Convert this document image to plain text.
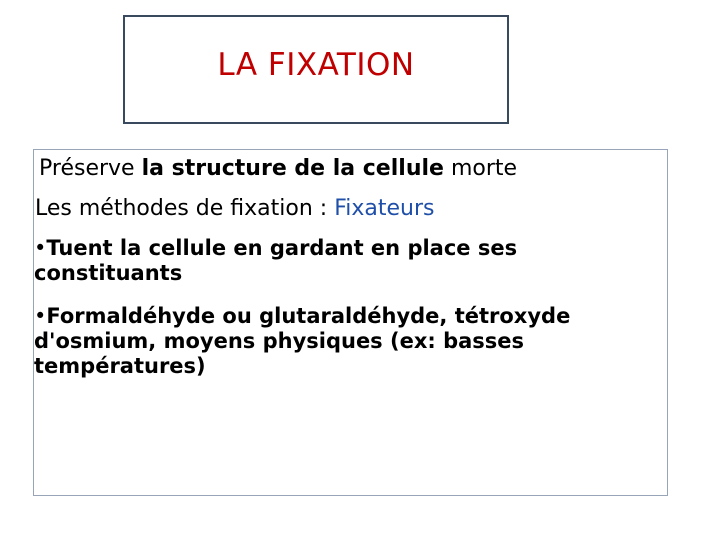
LA FIXATION
Préserve la structure de la cellule morte
Les méthodes de fixation : Fixateurs
•Tuent la cellule en gardant en place ses
constituants
•Formaldéhyde ou glutaraldéhyde, tétroxyde
d'osmium, moyens physiques (ex: basses
températures)
